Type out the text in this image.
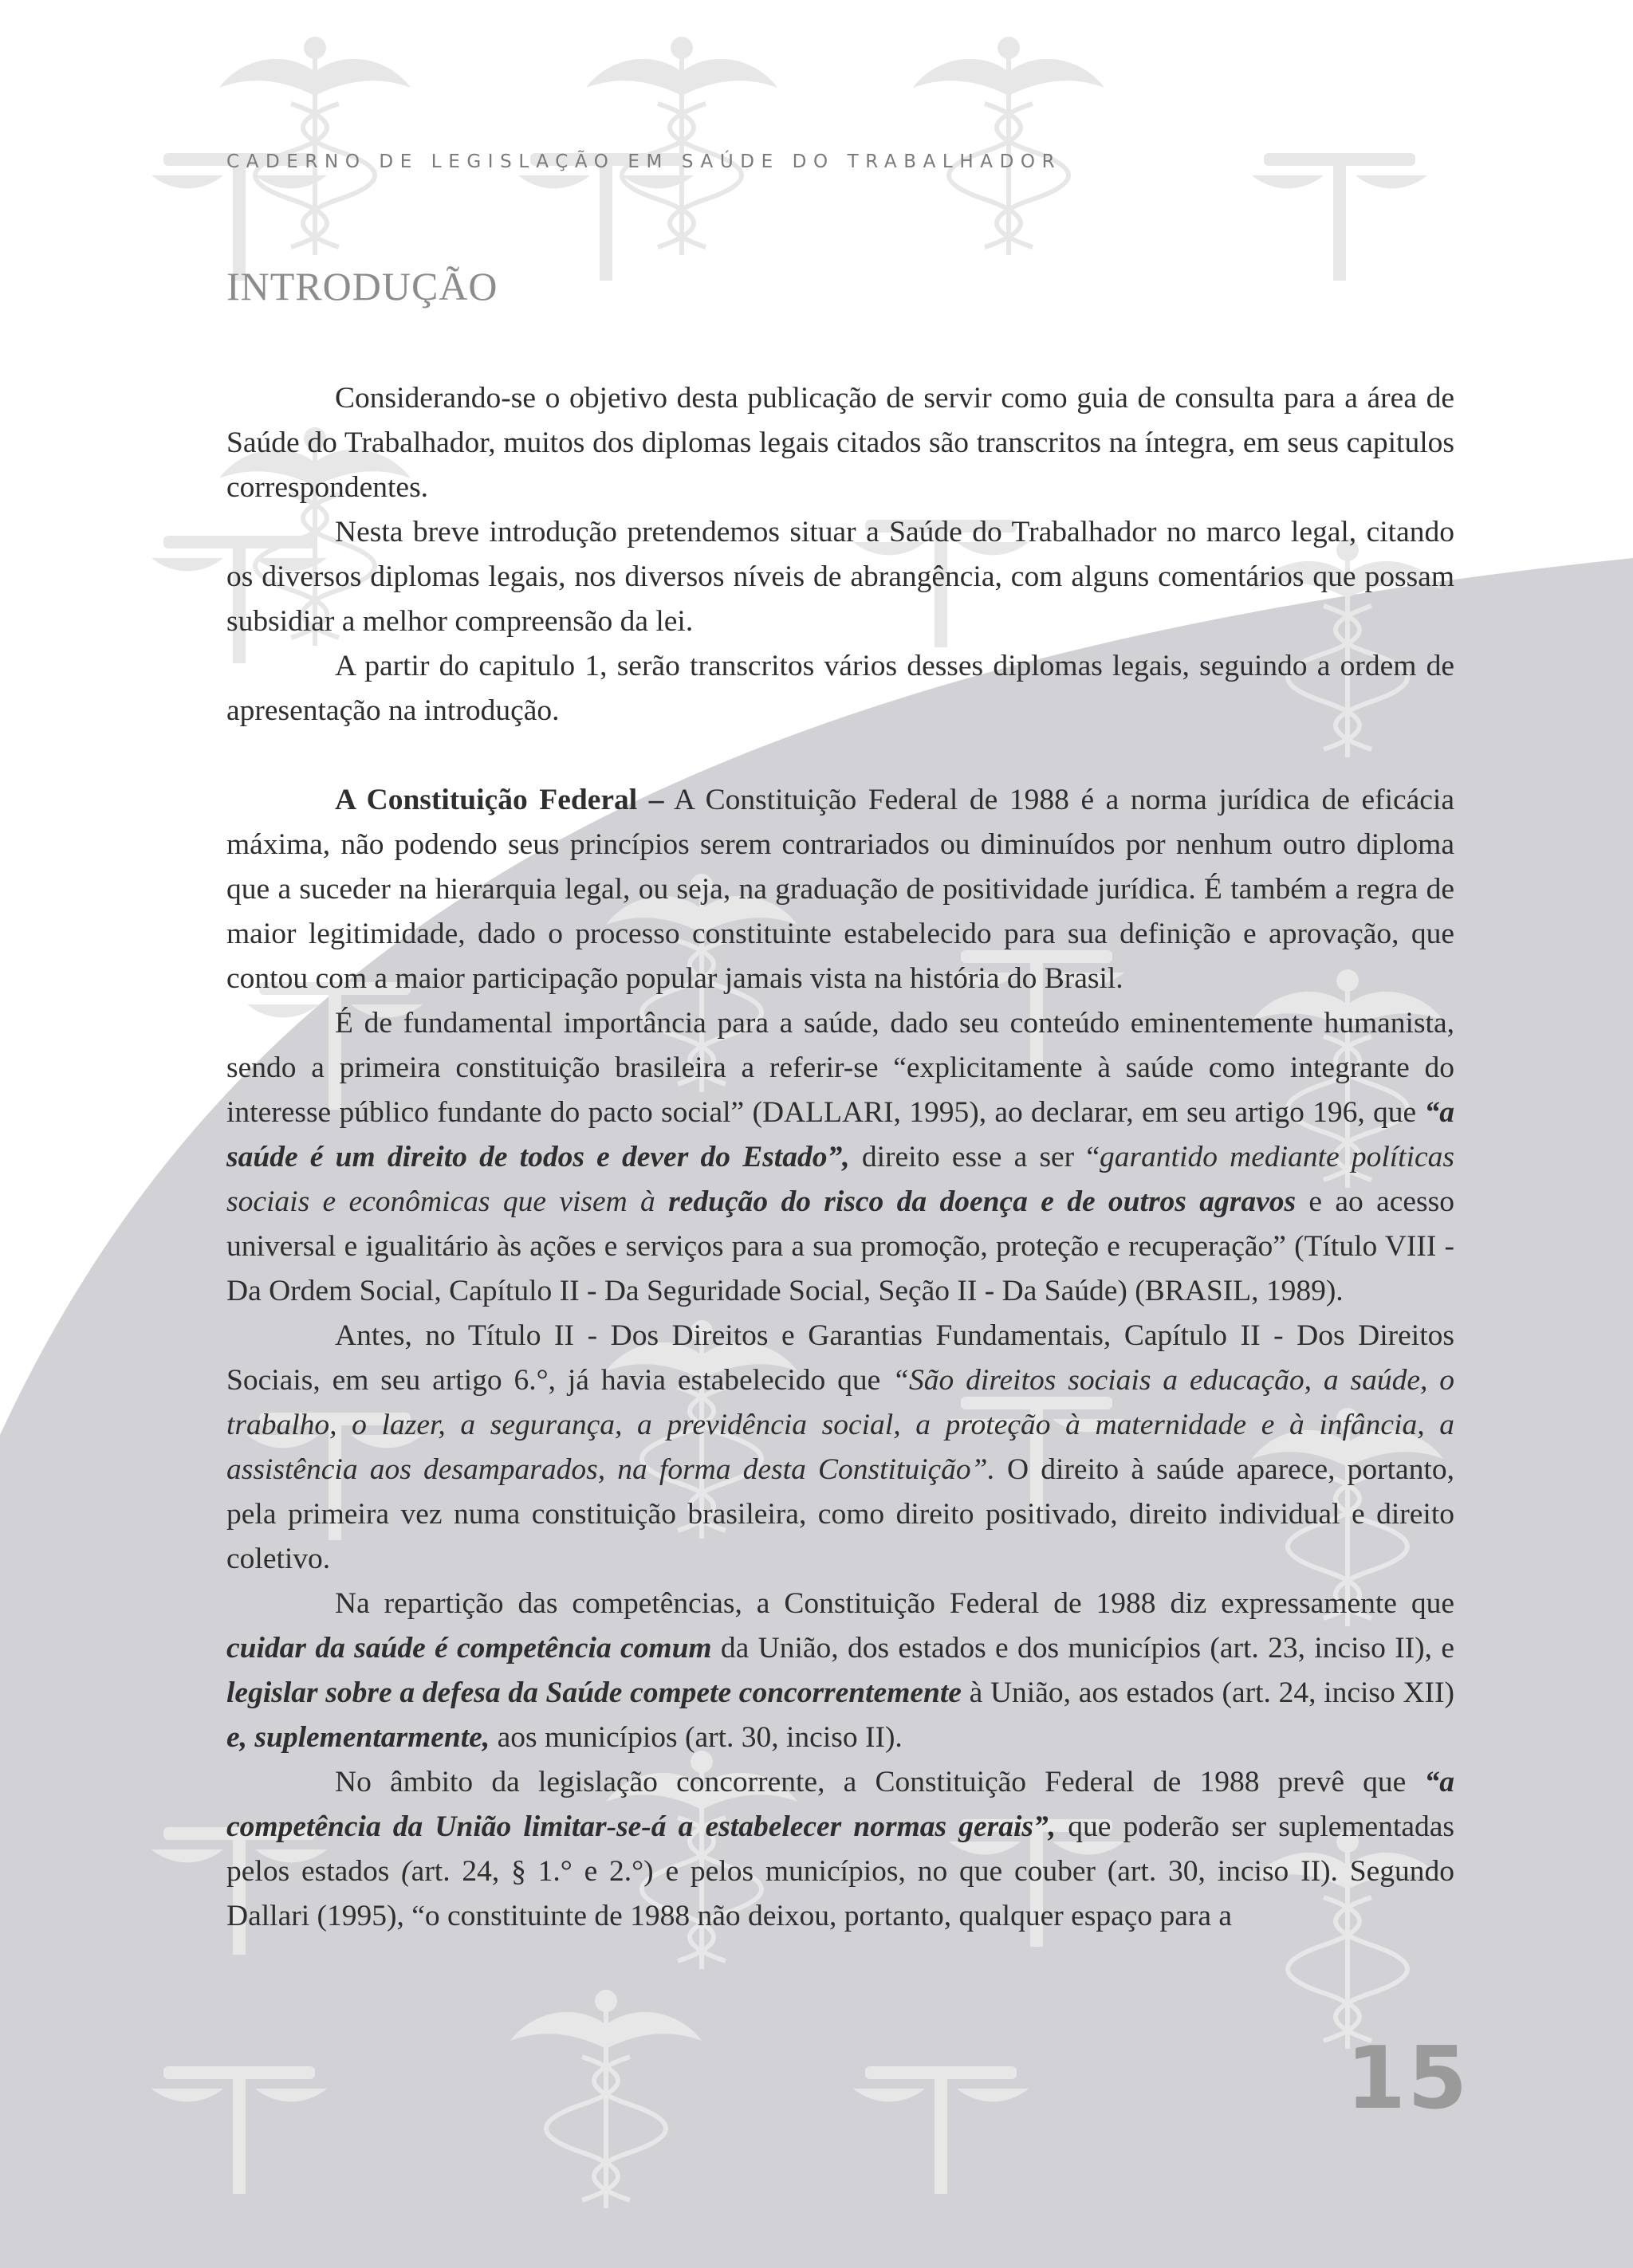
CADERNO DE LEGISLAÇÃO EM SAÚDE DO TRABALHADOR
INTRODUÇÃO

Considerando-se o objetivo desta publicação de servir como guia de consulta para a área de Saúde do Trabalhador, muitos dos diplomas legais citados são transcritos na íntegra, em seus capitulos correspondentes.

Nesta breve introdução pretendemos situar a Saúde do Trabalhador no marco legal, citando os diversos diplomas legais, nos diversos níveis de abrangência, com alguns comentários que possam subsidiar a melhor compreensão da lei.

A partir do capitulo 1, serão transcritos vários desses diplomas legais, seguindo a ordem de apresentação na introdução.

A Constituição Federal – A Constituição Federal de 1988 é a norma jurídica de eficácia máxima, não podendo seus princípios serem contrariados ou diminuídos por nenhum outro diploma que a suceder na hierarquia legal, ou seja, na graduação de positividade jurídica. É também a regra de maior legitimidade, dado o processo constituinte estabelecido para sua definição e aprovação, que contou com a maior participação popular jamais vista na história do Brasil.

É de fundamental importância para a saúde, dado seu conteúdo eminentemente humanista, sendo a primeira constituição brasileira a referir-se “explicitamente à saúde como integrante do interesse público fundante do pacto social” (DALLARI, 1995), ao declarar, em seu artigo 196, que “a saúde é um direito de todos e dever do Estado”, direito esse a ser “garantido mediante políticas sociais e econômicas que visem à redução do risco da doença e de outros agravos e ao acesso universal e igualitário às ações e serviços para a sua promoção, proteção e recuperação” (Título VIII - Da Ordem Social, Capítulo II - Da Seguridade Social, Seção II - Da Saúde) (BRASIL, 1989).

Antes, no Título II - Dos Direitos e Garantias Fundamentais, Capítulo II - Dos Direitos Sociais, em seu artigo 6.°, já havia estabelecido que “São direitos sociais a educação, a saúde, o trabalho, o lazer, a segurança, a previdência social, a proteção à maternidade e à infância, a assistência aos desamparados, na forma desta Constituição”. O direito à saúde aparece, portanto, pela primeira vez numa constituição brasileira, como direito positivado, direito individual e direito coletivo.

Na repartição das competências, a Constituição Federal de 1988 diz expressamente que cuidar da saúde é competência comum da União, dos estados e dos municípios (art. 23, inciso II), e legislar sobre a defesa da Saúde compete concorrentemente à União, aos estados (art. 24, inciso XII) e, suplementarmente, aos municípios (art. 30, inciso II).

No âmbito da legislação concorrente, a Constituição Federal de 1988 prevê que “a competência da União limitar-se-á a estabelecer normas gerais”, que poderão ser suplementadas pelos estados (art. 24, § 1.° e 2.°) e pelos municípios, no que couber (art. 30, inciso II). Segundo Dallari (1995), “o constituinte de 1988 não deixou, portanto, qualquer espaço para a

15
